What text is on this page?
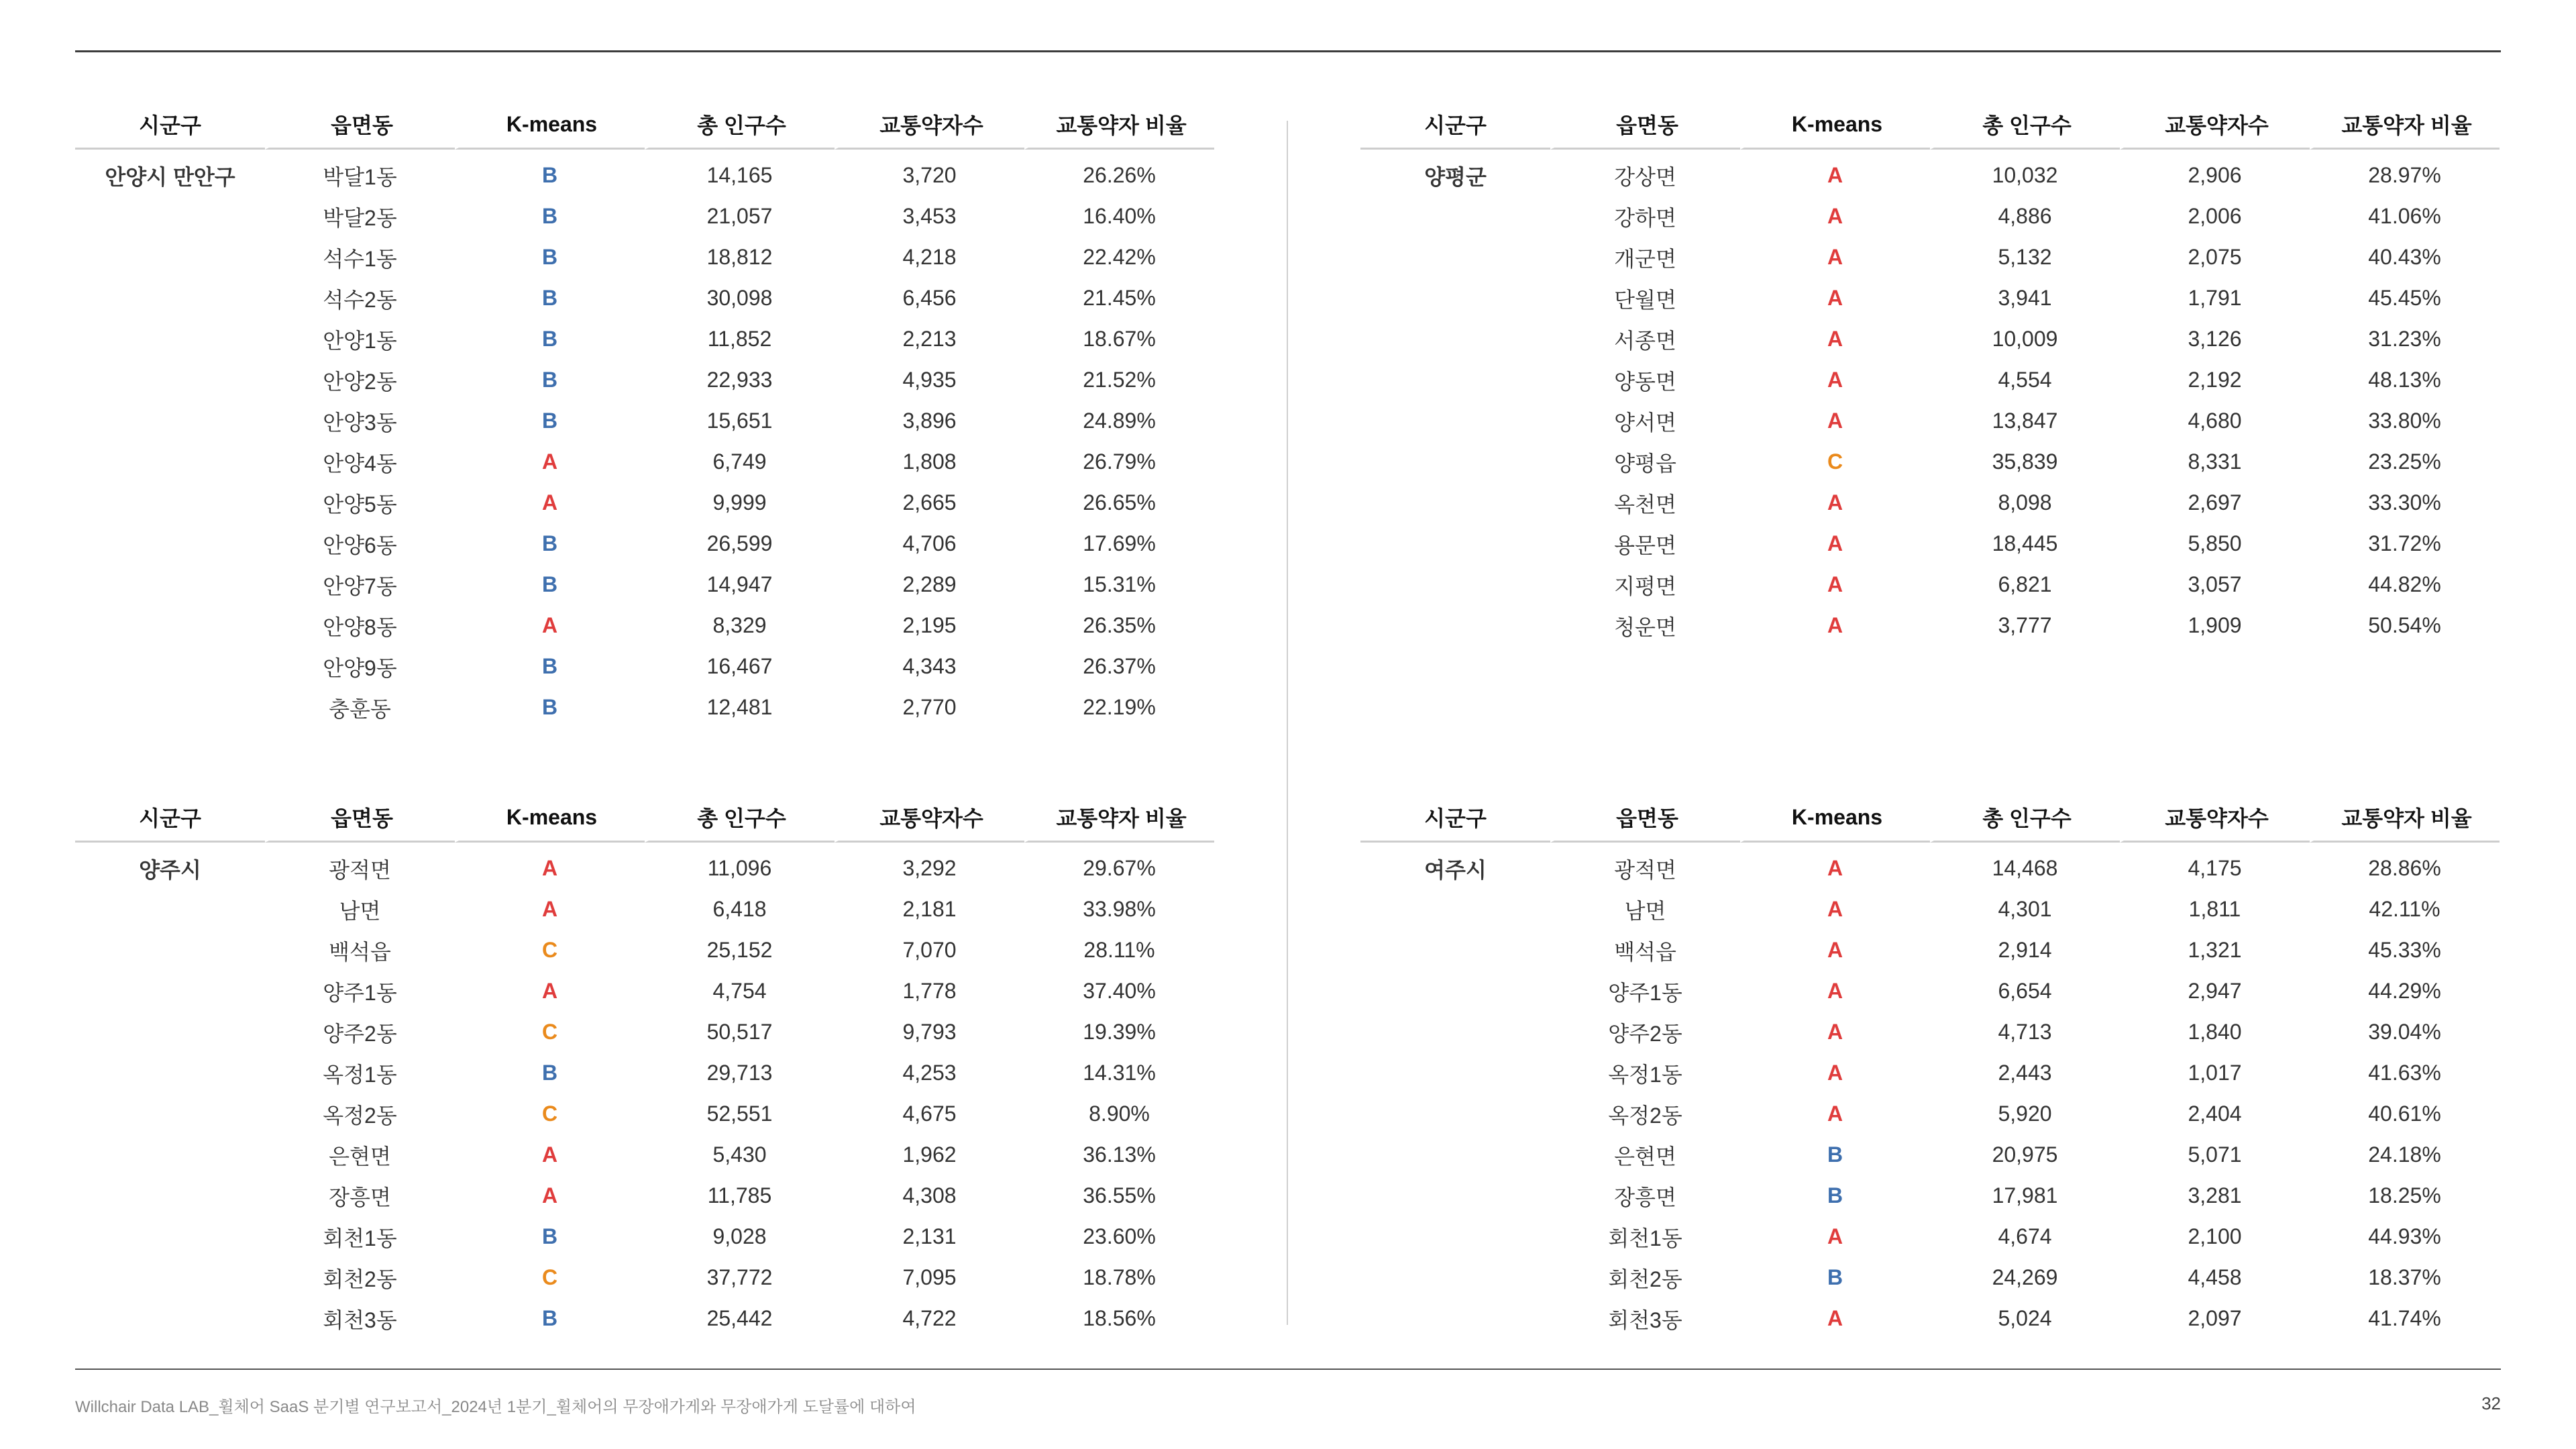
시군구	읍면동	K-means	총 인구수	교통약자수	교통약자 비율
안양시 만안구	박달1동	B	14,165	3,720	26.26%
	박달2동	B	21,057	3,453	16.40%
	석수1동	B	18,812	4,218	22.42%
	석수2동	B	30,098	6,456	21.45%
	안양1동	B	11,852	2,213	18.67%
	안양2동	B	22,933	4,935	21.52%
	안양3동	B	15,651	3,896	24.89%
	안양4동	A	6,749	1,808	26.79%
	안양5동	A	9,999	2,665	26.65%
	안양6동	B	26,599	4,706	17.69%
	안양7동	B	14,947	2,289	15.31%
	안양8동	A	8,329	2,195	26.35%
	안양9동	B	16,467	4,343	26.37%
	충훈동	B	12,481	2,770	22.19%
시군구	읍면동	K-means	총 인구수	교통약자수	교통약자 비율
양평군	강상면	A	10,032	2,906	28.97%
	강하면	A	4,886	2,006	41.06%
	개군면	A	5,132	2,075	40.43%
	단월면	A	3,941	1,791	45.45%
	서종면	A	10,009	3,126	31.23%
	양동면	A	4,554	2,192	48.13%
	양서면	A	13,847	4,680	33.80%
	양평읍	C	35,839	8,331	23.25%
	옥천면	A	8,098	2,697	33.30%
	용문면	A	18,445	5,850	31.72%
	지평면	A	6,821	3,057	44.82%
	청운면	A	3,777	1,909	50.54%
시군구	읍면동	K-means	총 인구수	교통약자수	교통약자 비율
양주시	광적면	A	11,096	3,292	29.67%
	남면	A	6,418	2,181	33.98%
	백석읍	C	25,152	7,070	28.11%
	양주1동	A	4,754	1,778	37.40%
	양주2동	C	50,517	9,793	19.39%
	옥정1동	B	29,713	4,253	14.31%
	옥정2동	C	52,551	4,675	8.90%
	은현면	A	5,430	1,962	36.13%
	장흥면	A	11,785	4,308	36.55%
	회천1동	B	9,028	2,131	23.60%
	회천2동	C	37,772	7,095	18.78%
	회천3동	B	25,442	4,722	18.56%
시군구	읍면동	K-means	총 인구수	교통약자수	교통약자 비율
여주시	광적면	A	14,468	4,175	28.86%
	남면	A	4,301	1,811	42.11%
	백석읍	A	2,914	1,321	45.33%
	양주1동	A	6,654	2,947	44.29%
	양주2동	A	4,713	1,840	39.04%
	옥정1동	A	2,443	1,017	41.63%
	옥정2동	A	5,920	2,404	40.61%
	은현면	B	20,975	5,071	24.18%
	장흥면	B	17,981	3,281	18.25%
	회천1동	A	4,674	2,100	44.93%
	회천2동	B	24,269	4,458	18.37%
	회천3동	A	5,024	2,097	41.74%
Willchair Data LAB_휠체어 SaaS 분기별 연구보고서_2024년 1분기_휠체어의 무장애가게와 무장애가게 도달률에 대하여	32
